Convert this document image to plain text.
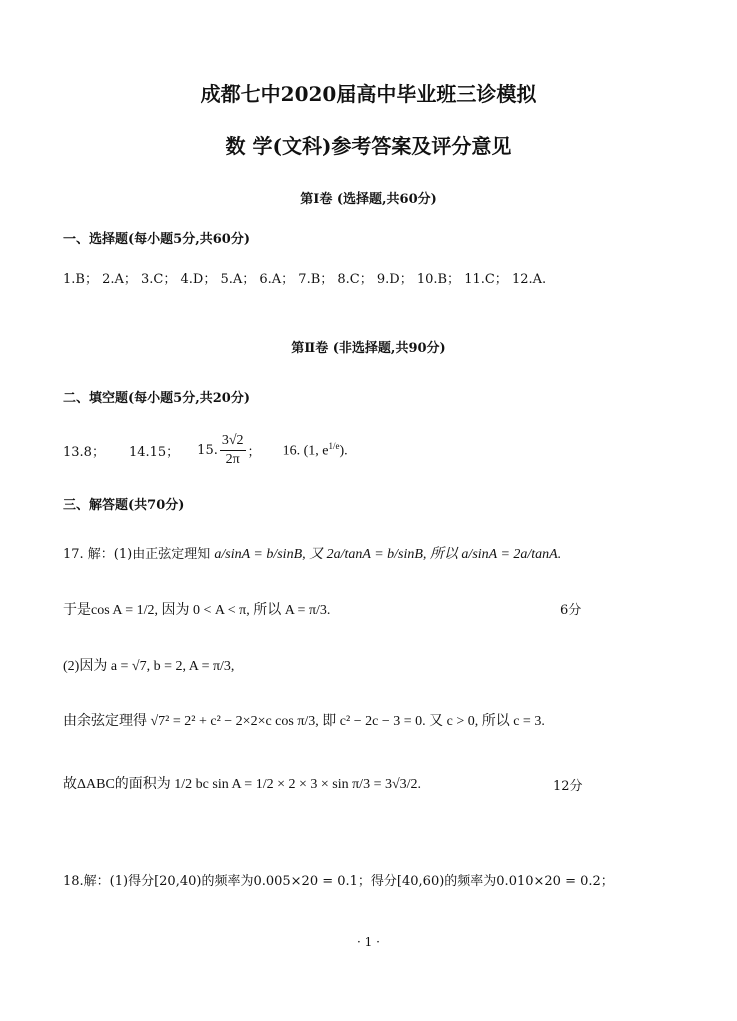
成都七中2020届高中毕业班三诊模拟
数 学(文科)参考答案及评分意见
第Ⅰ卷 (选择题,共60分)
一、选择题(每小题5分,共60分)
1.B； 2.A； 3.C； 4.D； 5.A； 6.A； 7.B； 8.C； 9.D； 10.B； 11.C； 12.A.
第Ⅱ卷 (非选择题,共90分)
二、填空题(每小题5分,共20分)
13.8； 14.15； 15. $\frac{3√2}{2\pi}$ ； 16. (1, $e^{1/e}$).
三、解答题(共70分)
17. 解：(1)由正弦定理知 a/sinA = b/sinB, 又 2a/tanA = b/sinB, 所以 a/sinA = 2a/tanA.
于是cos A = 1/2, 因为 0 < A < π, 所以 A = π/3.	6分
(2)因为 a = √7, b = 2, A = π/3,
由余弦定理得 √7² = 2² + c² − 2×2×c cos π/3, 即 c² − 2c − 3 = 0. 又 c > 0, 所以 c = 3.
故ΔABC的面积为 1/2 bc sin A = 1/2 × 2 × 3 × sin π/3 = 3√3/2.	12分
18.解：(1)得分[20,40)的频率为0.005×20 = 0.1；得分[40,60)的频率为0.010×20 = 0.2；
· 1 ·
